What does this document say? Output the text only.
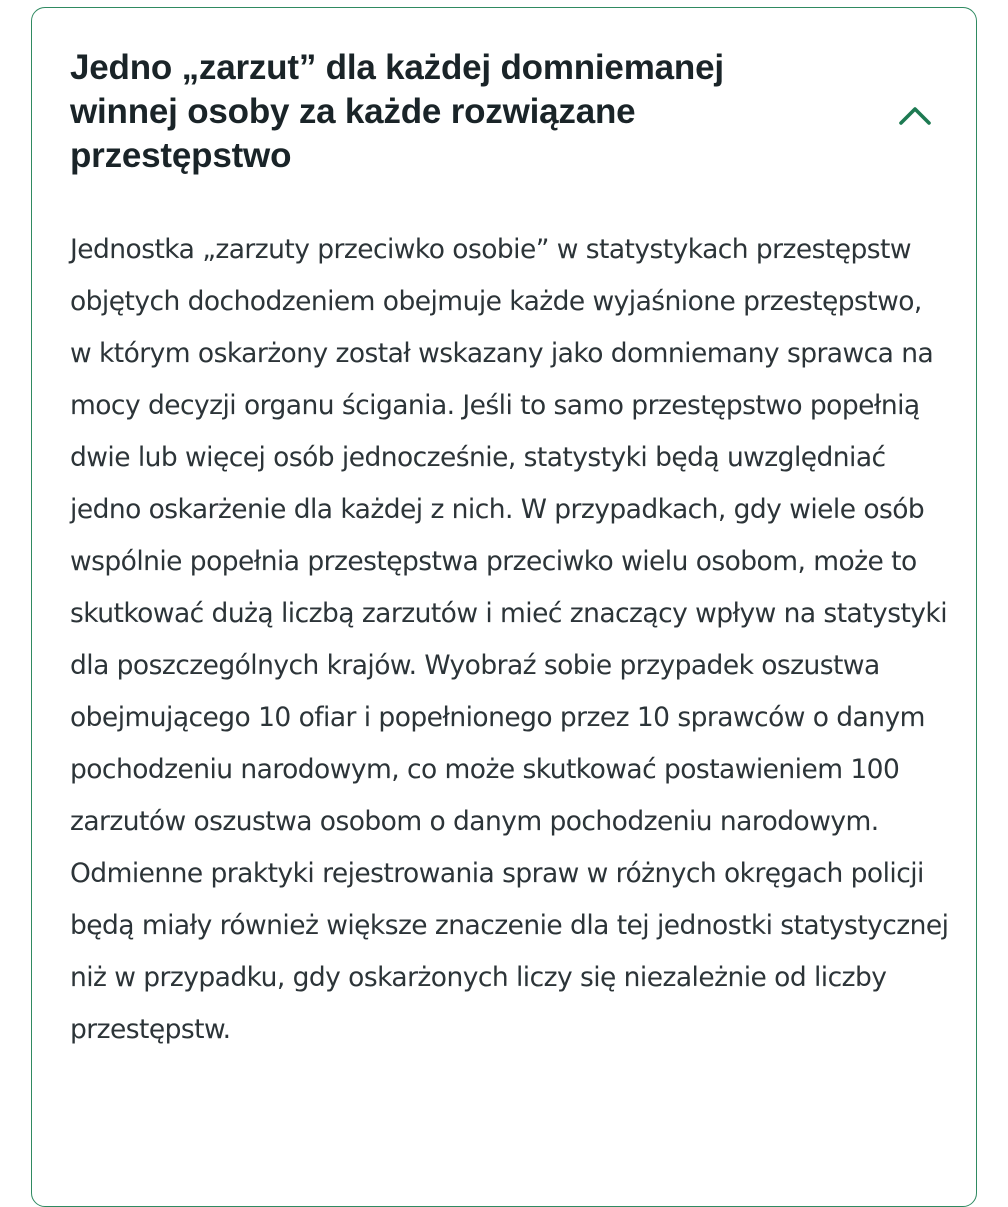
Jedno „zarzut” dla każdej domniemanej winnej osoby za każde rozwiązane przestępstwo

Jednostka „zarzuty przeciwko osobie” w statystykach przestępstw objętych dochodzeniem obejmuje każde wyjaśnione przestępstwo, w którym oskarżony został wskazany jako domniemany sprawca na mocy decyzji organu ścigania. Jeśli to samo przestępstwo popełnią dwie lub więcej osób jednocześnie, statystyki będą uwzględniać jedno oskarżenie dla każdej z nich. W przypadkach, gdy wiele osób wspólnie popełnia przestępstwa przeciwko wielu osobom, może to skutkować dużą liczbą zarzutów i mieć znaczący wpływ na statystyki dla poszczególnych krajów. Wyobraź sobie przypadek oszustwa obejmującego 10 ofiar i popełnionego przez 10 sprawców o danym pochodzeniu narodowym, co może skutkować postawieniem 100 zarzutów oszustwa osobom o danym pochodzeniu narodowym. Odmienne praktyki rejestrowania spraw w różnych okręgach policji będą miały również większe znaczenie dla tej jednostki statystycznej niż w przypadku, gdy oskarżonych liczy się niezależnie od liczby przestępstw.
